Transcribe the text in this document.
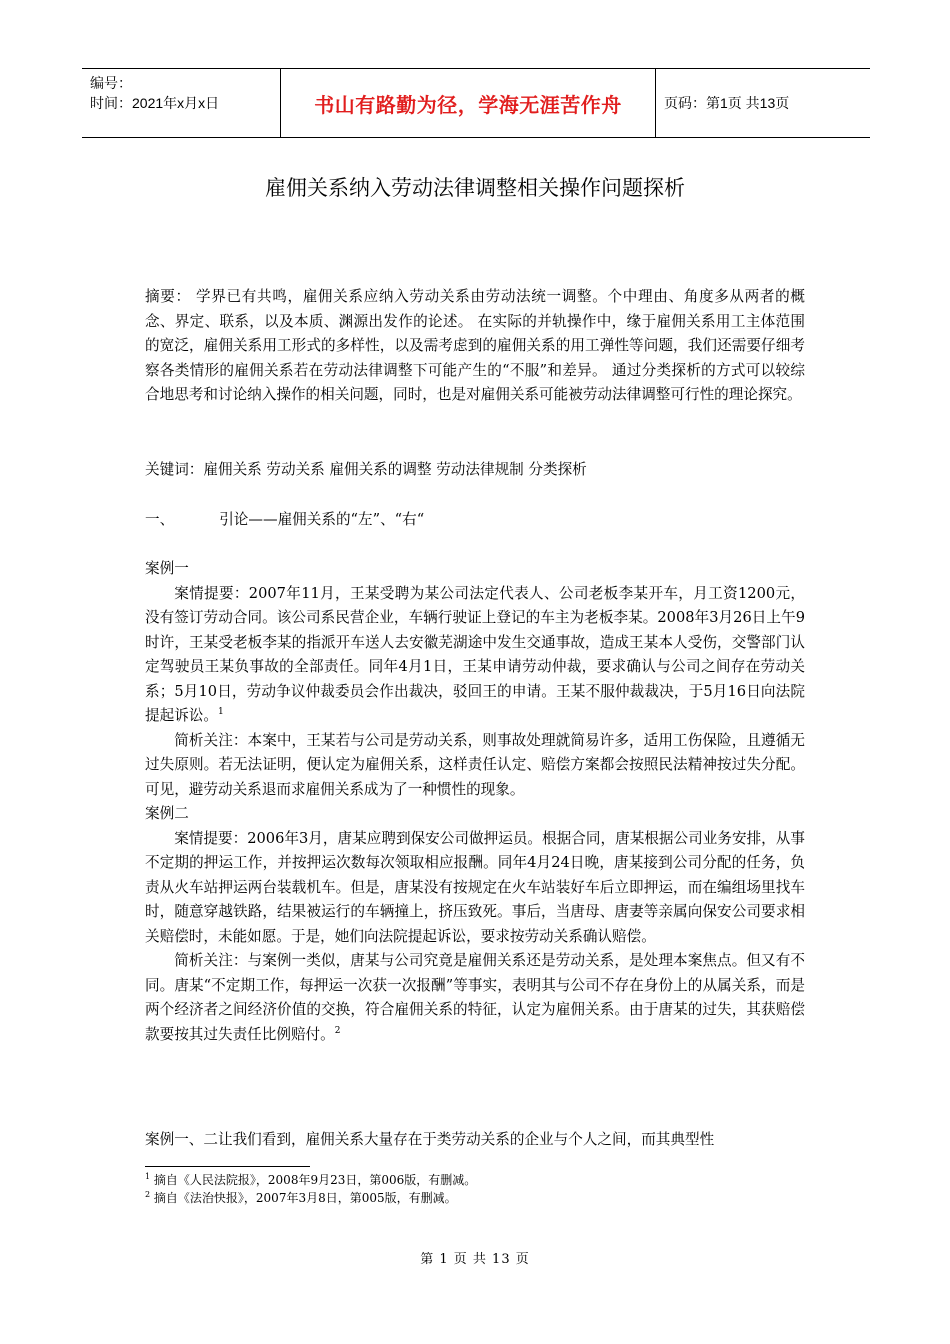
编号：
时间：2021年x月x日	书山有路勤为径，学海无涯苦作舟	页码：第1页 共13页
雇佣关系纳入劳动法律调整相关操作问题探析

摘要： 学界已有共鸣，雇佣关系应纳入劳动关系由劳动法统一调整。个中理由、角度多从两者的概念、界定、联系，以及本质、渊源出发作的论述。 在实际的并轨操作中，缘于雇佣关系用工主体范围的宽泛，雇佣关系用工形式的多样性，以及需考虑到的雇佣关系的用工弹性等问题，我们还需要仔细考察各类情形的雇佣关系若在劳动法律调整下可能产生的“不服”和差异。 通过分类探析的方式可以较综合地思考和讨论纳入操作的相关问题，同时，也是对雇佣关系可能被劳动法律调整可行性的理论探究。

关键词：雇佣关系 劳动关系 雇佣关系的调整 劳动法律规制 分类探析

一、	引论——雇佣关系的“左”、“右“

案例一

案情提要：2007年11月，王某受聘为某公司法定代表人、公司老板李某开车，月工资1200元，没有签订劳动合同。该公司系民营企业，车辆行驶证上登记的车主为老板李某。2008年3月26日上午9时许，王某受老板李某的指派开车送人去安徽芜湖途中发生交通事故，造成王某本人受伤，交警部门认定驾驶员王某负事故的全部责任。同年4月1日，王某申请劳动仲裁，要求确认与公司之间存在劳动关系；5月10日，劳动争议仲裁委员会作出裁决，驳回王的申请。王某不服仲裁裁决，于5月16日向法院提起诉讼。$^1$

简析关注：本案中，王某若与公司是劳动关系，则事故处理就简易许多，适用工伤保险，且遵循无过失原则。若无法证明，便认定为雇佣关系，这样责任认定、赔偿方案都会按照民法精神按过失分配。可见，避劳动关系退而求雇佣关系成为了一种惯性的现象。

案例二

案情提要：2006年3月，唐某应聘到保安公司做押运员。根据合同，唐某根据公司业务安排，从事不定期的押运工作，并按押运次数每次领取相应报酬。同年4月24日晚，唐某接到公司分配的任务，负责从火车站押运两台装载机车。但是，唐某没有按规定在火车站装好车后立即押运，而在编组场里找车时，随意穿越铁路，结果被运行的车辆撞上，挤压致死。事后，当唐母、唐妻等亲属向保安公司要求相关赔偿时，未能如愿。于是，她们向法院提起诉讼，要求按劳动关系确认赔偿。

简析关注：与案例一类似，唐某与公司究竟是雇佣关系还是劳动关系，是处理本案焦点。但又有不同。唐某“不定期工作，每押运一次获一次报酬”等事实，表明其与公司不存在身份上的从属关系，而是两个经济者之间经济价值的交换，符合雇佣关系的特征，认定为雇佣关系。由于唐某的过失，其获赔偿款要按其过失责任比例赔付。$^2$

案例一、二让我们看到，雇佣关系大量存在于类劳动关系的企业与个人之间，而其典型性

$^1$ 摘自《人民法院报》，2008年9月23日，第006版，有删减。
$^2$ 摘自《法治快报》，2007年3月8日，第005版，有删减。
第 1 页 共 13 页
